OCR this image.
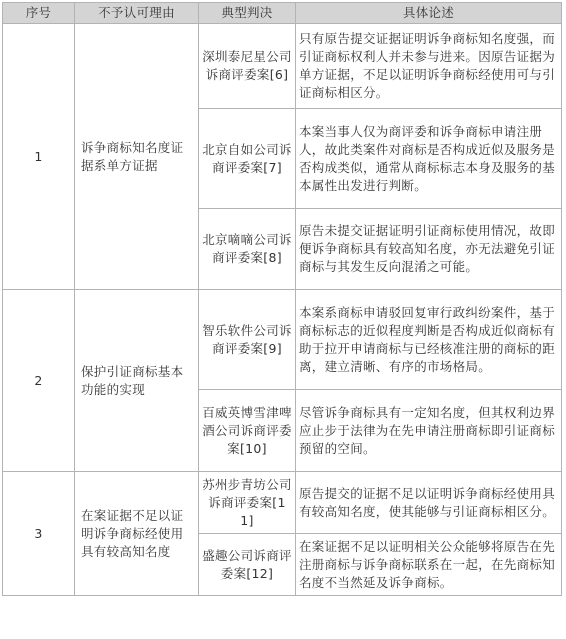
序号	不予认可理由	典型判决	具体论述
1	诉争商标知名度证据系单方证据	深圳泰尼星公司诉商评委案[6]	只有原告提交证据证明诉争商标知名度强，而引证商标权利人并未参与进来。因原告证据为单方证据，不足以证明诉争商标经使用可与引证商标相区分。
		北京自如公司诉商评委案[7]	本案当事人仅为商评委和诉争商标申请注册人，故此类案件对商标是否构成近似及服务是否构成类似，通常从商标标志本身及服务的基本属性出发进行判断。
		北京嘀嘀公司诉商评委案[8]	原告未提交证据证明引证商标使用情况，故即便诉争商标具有较高知名度，亦无法避免引证商标与其发生反向混淆之可能。
2	保护引证商标基本功能的实现	智乐软件公司诉商评委案[9]	本案系商标申请驳回复审行政纠纷案件，基于商标标志的近似程度判断是否构成近似商标有助于拉开申请商标与已经核准注册的商标的距离，建立清晰、有序的市场格局。
		百威英博雪津啤酒公司诉商评委案[10]	尽管诉争商标具有一定知名度，但其权利边界应止步于法律为在先申请注册商标即引证商标预留的空间。
3	在案证据不足以证明诉争商标经使用具有较高知名度	苏州步青坊公司诉商评委案[11]	原告提交的证据不足以证明诉争商标经使用具有较高知名度，使其能够与引证商标相区分。
		盛趣公司诉商评委案[12]	在案证据不足以证明相关公众能够将原告在先注册商标与诉争商标联系在一起，在先商标知名度不当然延及诉争商标。
